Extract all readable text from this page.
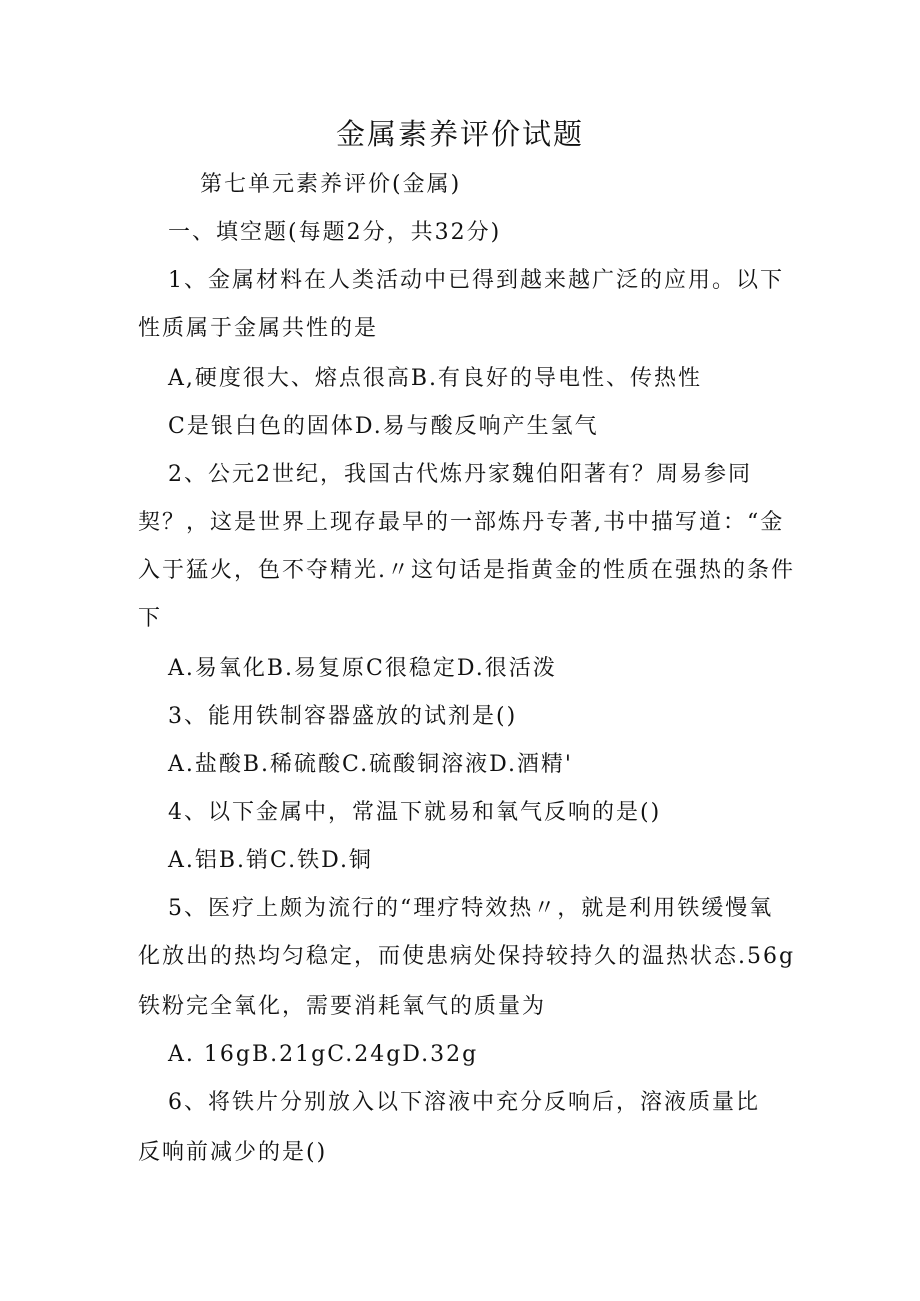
金属素养评价试题
第七单元素养评价(金属)
一、填空题(每题2分，共32分)
1、金属材料在人类活动中已得到越来越广泛的应用。以下
性质属于金属共性的是
A,硬度很大、熔点很高B.有良好的导电性、传热性
C是银白色的固体D.易与酸反响产生氢气
2、公元2世纪，我国古代炼丹家魏伯阳著有？周易参同
契？，这是世界上现存最早的一部炼丹专著,书中描写道：“金
入于猛火，色不夺精光.〃这句话是指黄金的性质在强热的条件
下
A.易氧化B.易复原C很稳定D.很活泼
3、能用铁制容器盛放的试剂是()
A.盐酸B.稀硫酸C.硫酸铜溶液D.酒精'
4、以下金属中，常温下就易和氧气反响的是()
A.铝B.销C.铁D.铜
5、医疗上颇为流行的“理疗特效热〃，就是利用铁缓慢氧
化放出的热均匀稳定，而使患病处保持较持久的温热状态.56g
铁粉完全氧化，需要消耗氧气的质量为
A. 16gB.21gC.24gD.32g
6、将铁片分别放入以下溶液中充分反响后，溶液质量比
反响前减少的是()
